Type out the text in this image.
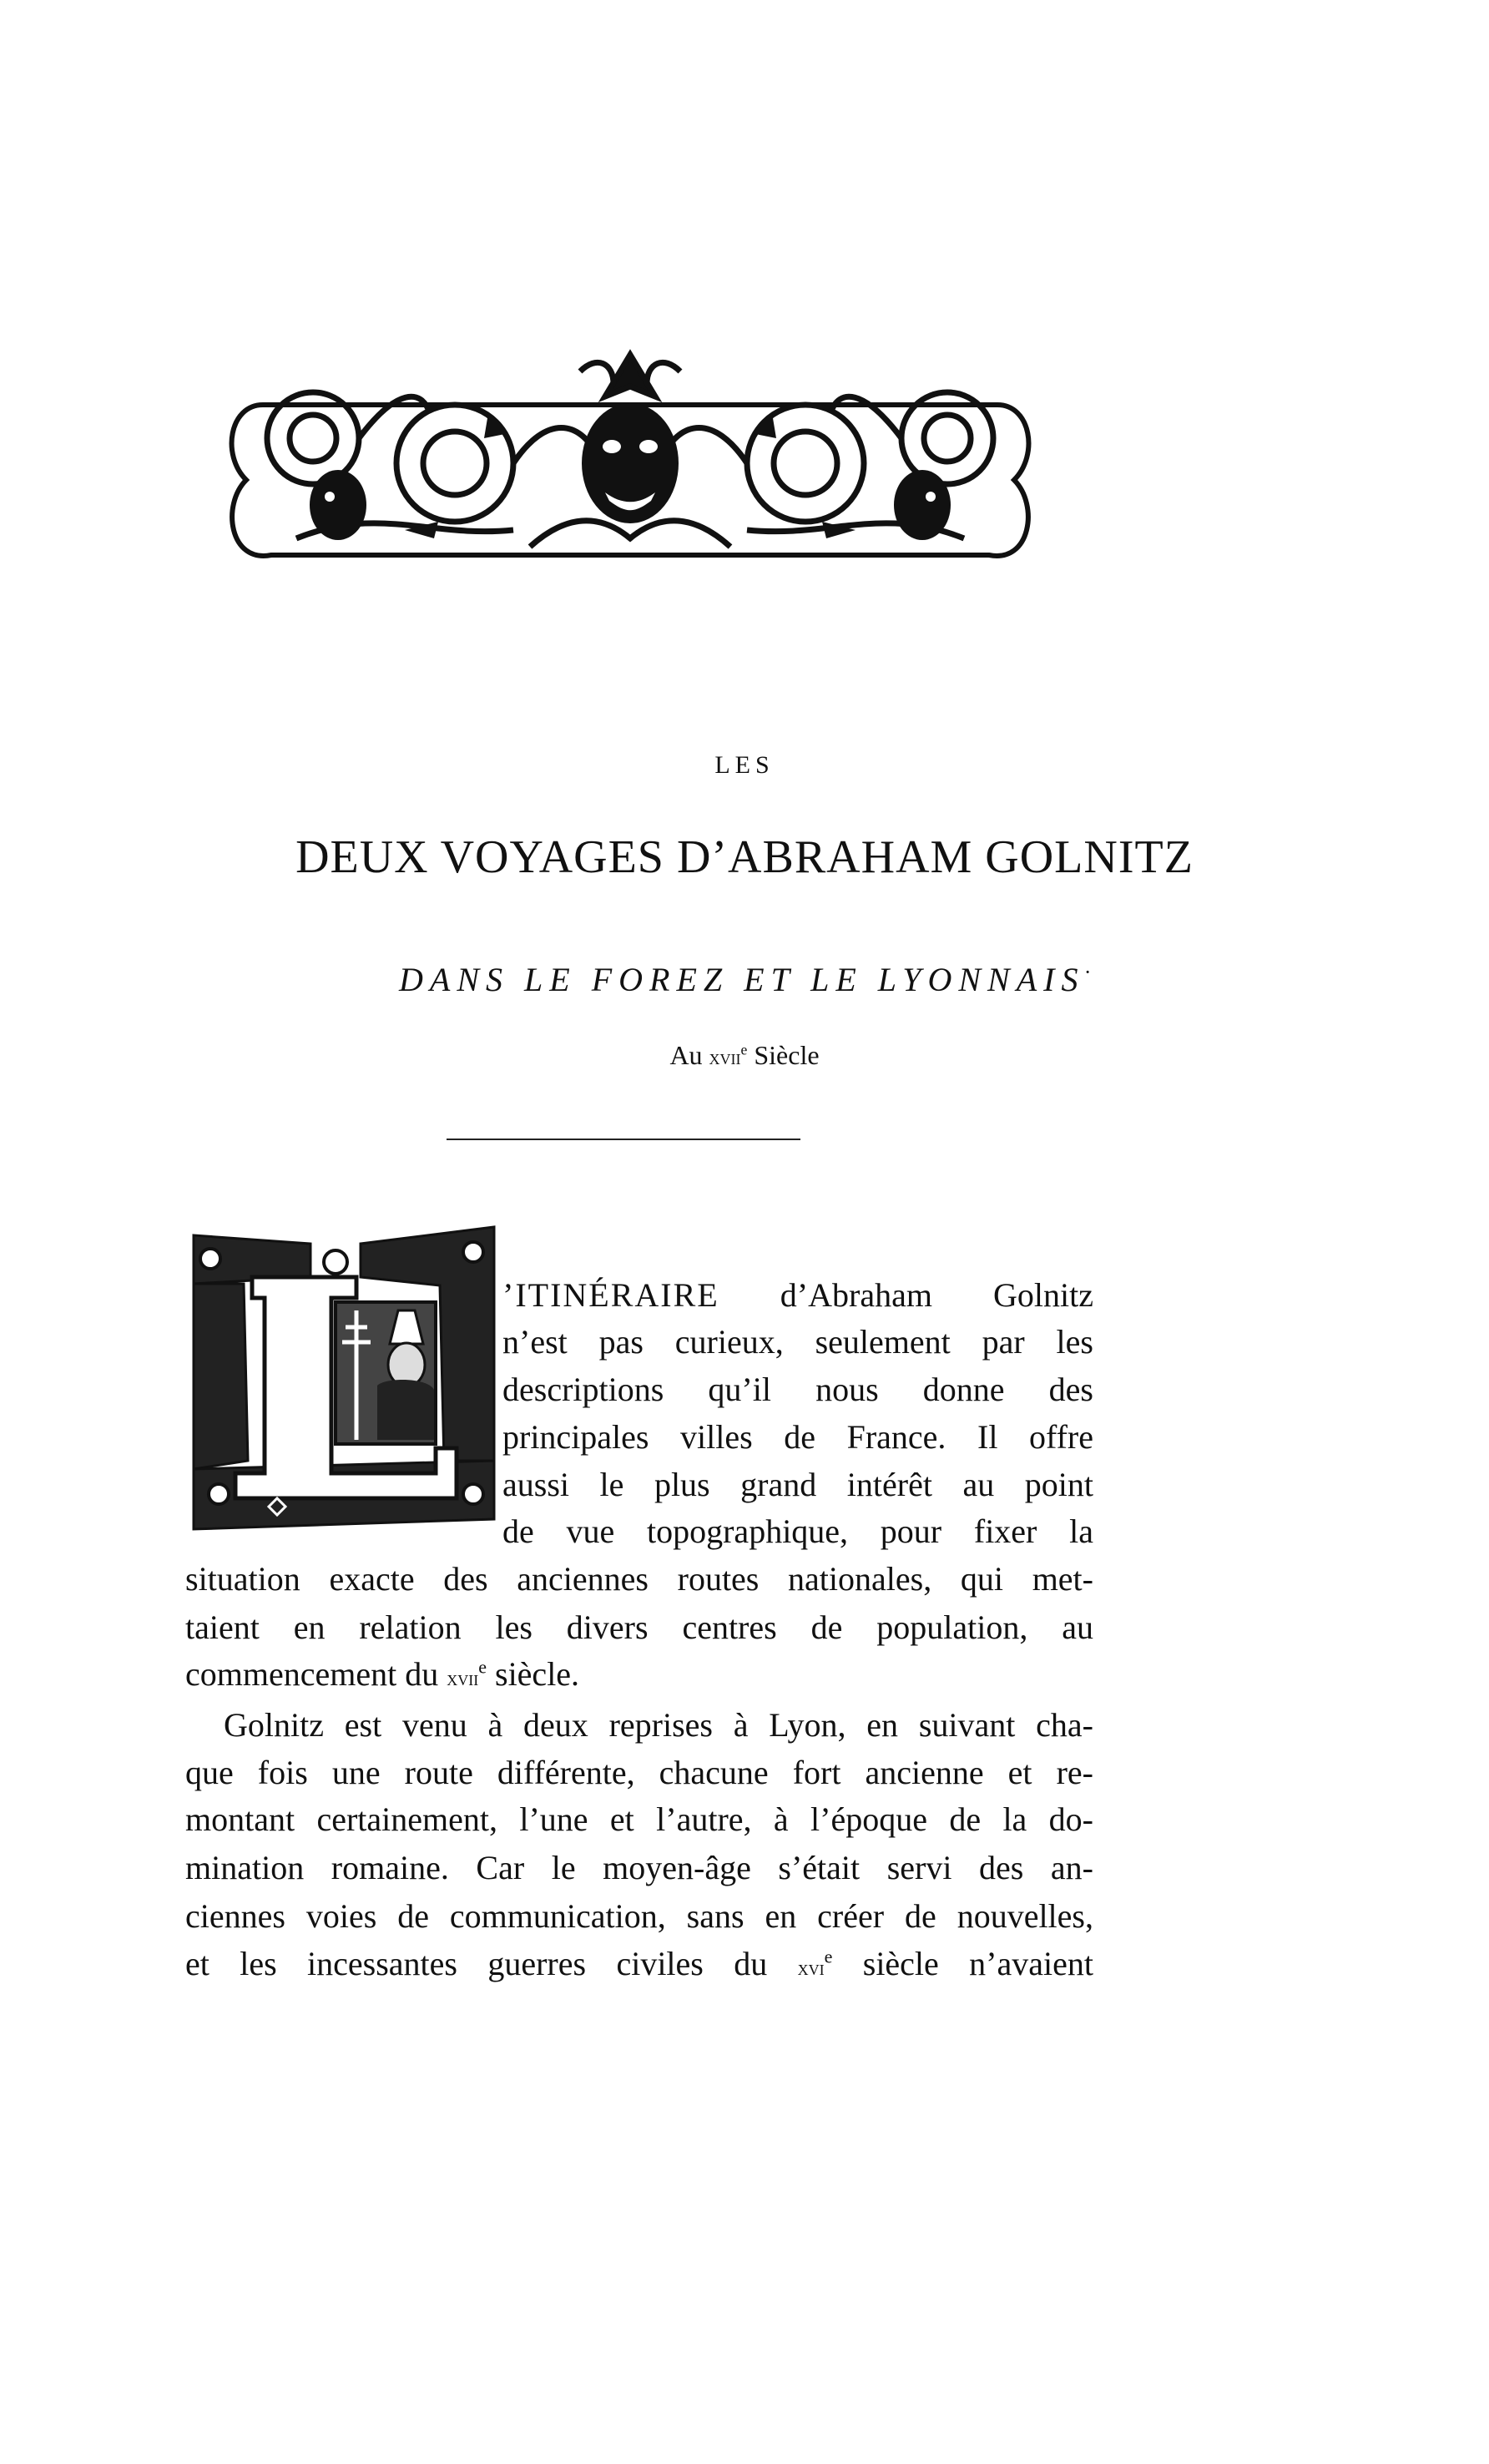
LES
DEUX VOYAGES D’ABRAHAM GOLNITZ
DANS LE FOREZ ET LE LYONNAIS·
Au xvii$^e$ Siècle
’ITINÉRAIRE d’Abraham Golnitz
n’est pas curieux, seulement par les
descriptions qu’il nous donne des
principales villes de France. Il offre
aussi le plus grand intérêt au point
de vue topographique, pour fixer la
situation exacte des anciennes routes nationales, qui met-
taient en relation les divers centres de population, au
commencement du xvii$^e$ siècle.
Golnitz est venu à deux reprises à Lyon, en suivant cha-
que fois une route différente, chacune fort ancienne et re-
montant certainement, l’une et l’autre, à l’époque de la do-
mination romaine. Car le moyen-âge s’était servi des an-
ciennes voies de communication, sans en créer de nouvelles,
et les incessantes guerres civiles du xvi$^e$ siècle n’avaient
